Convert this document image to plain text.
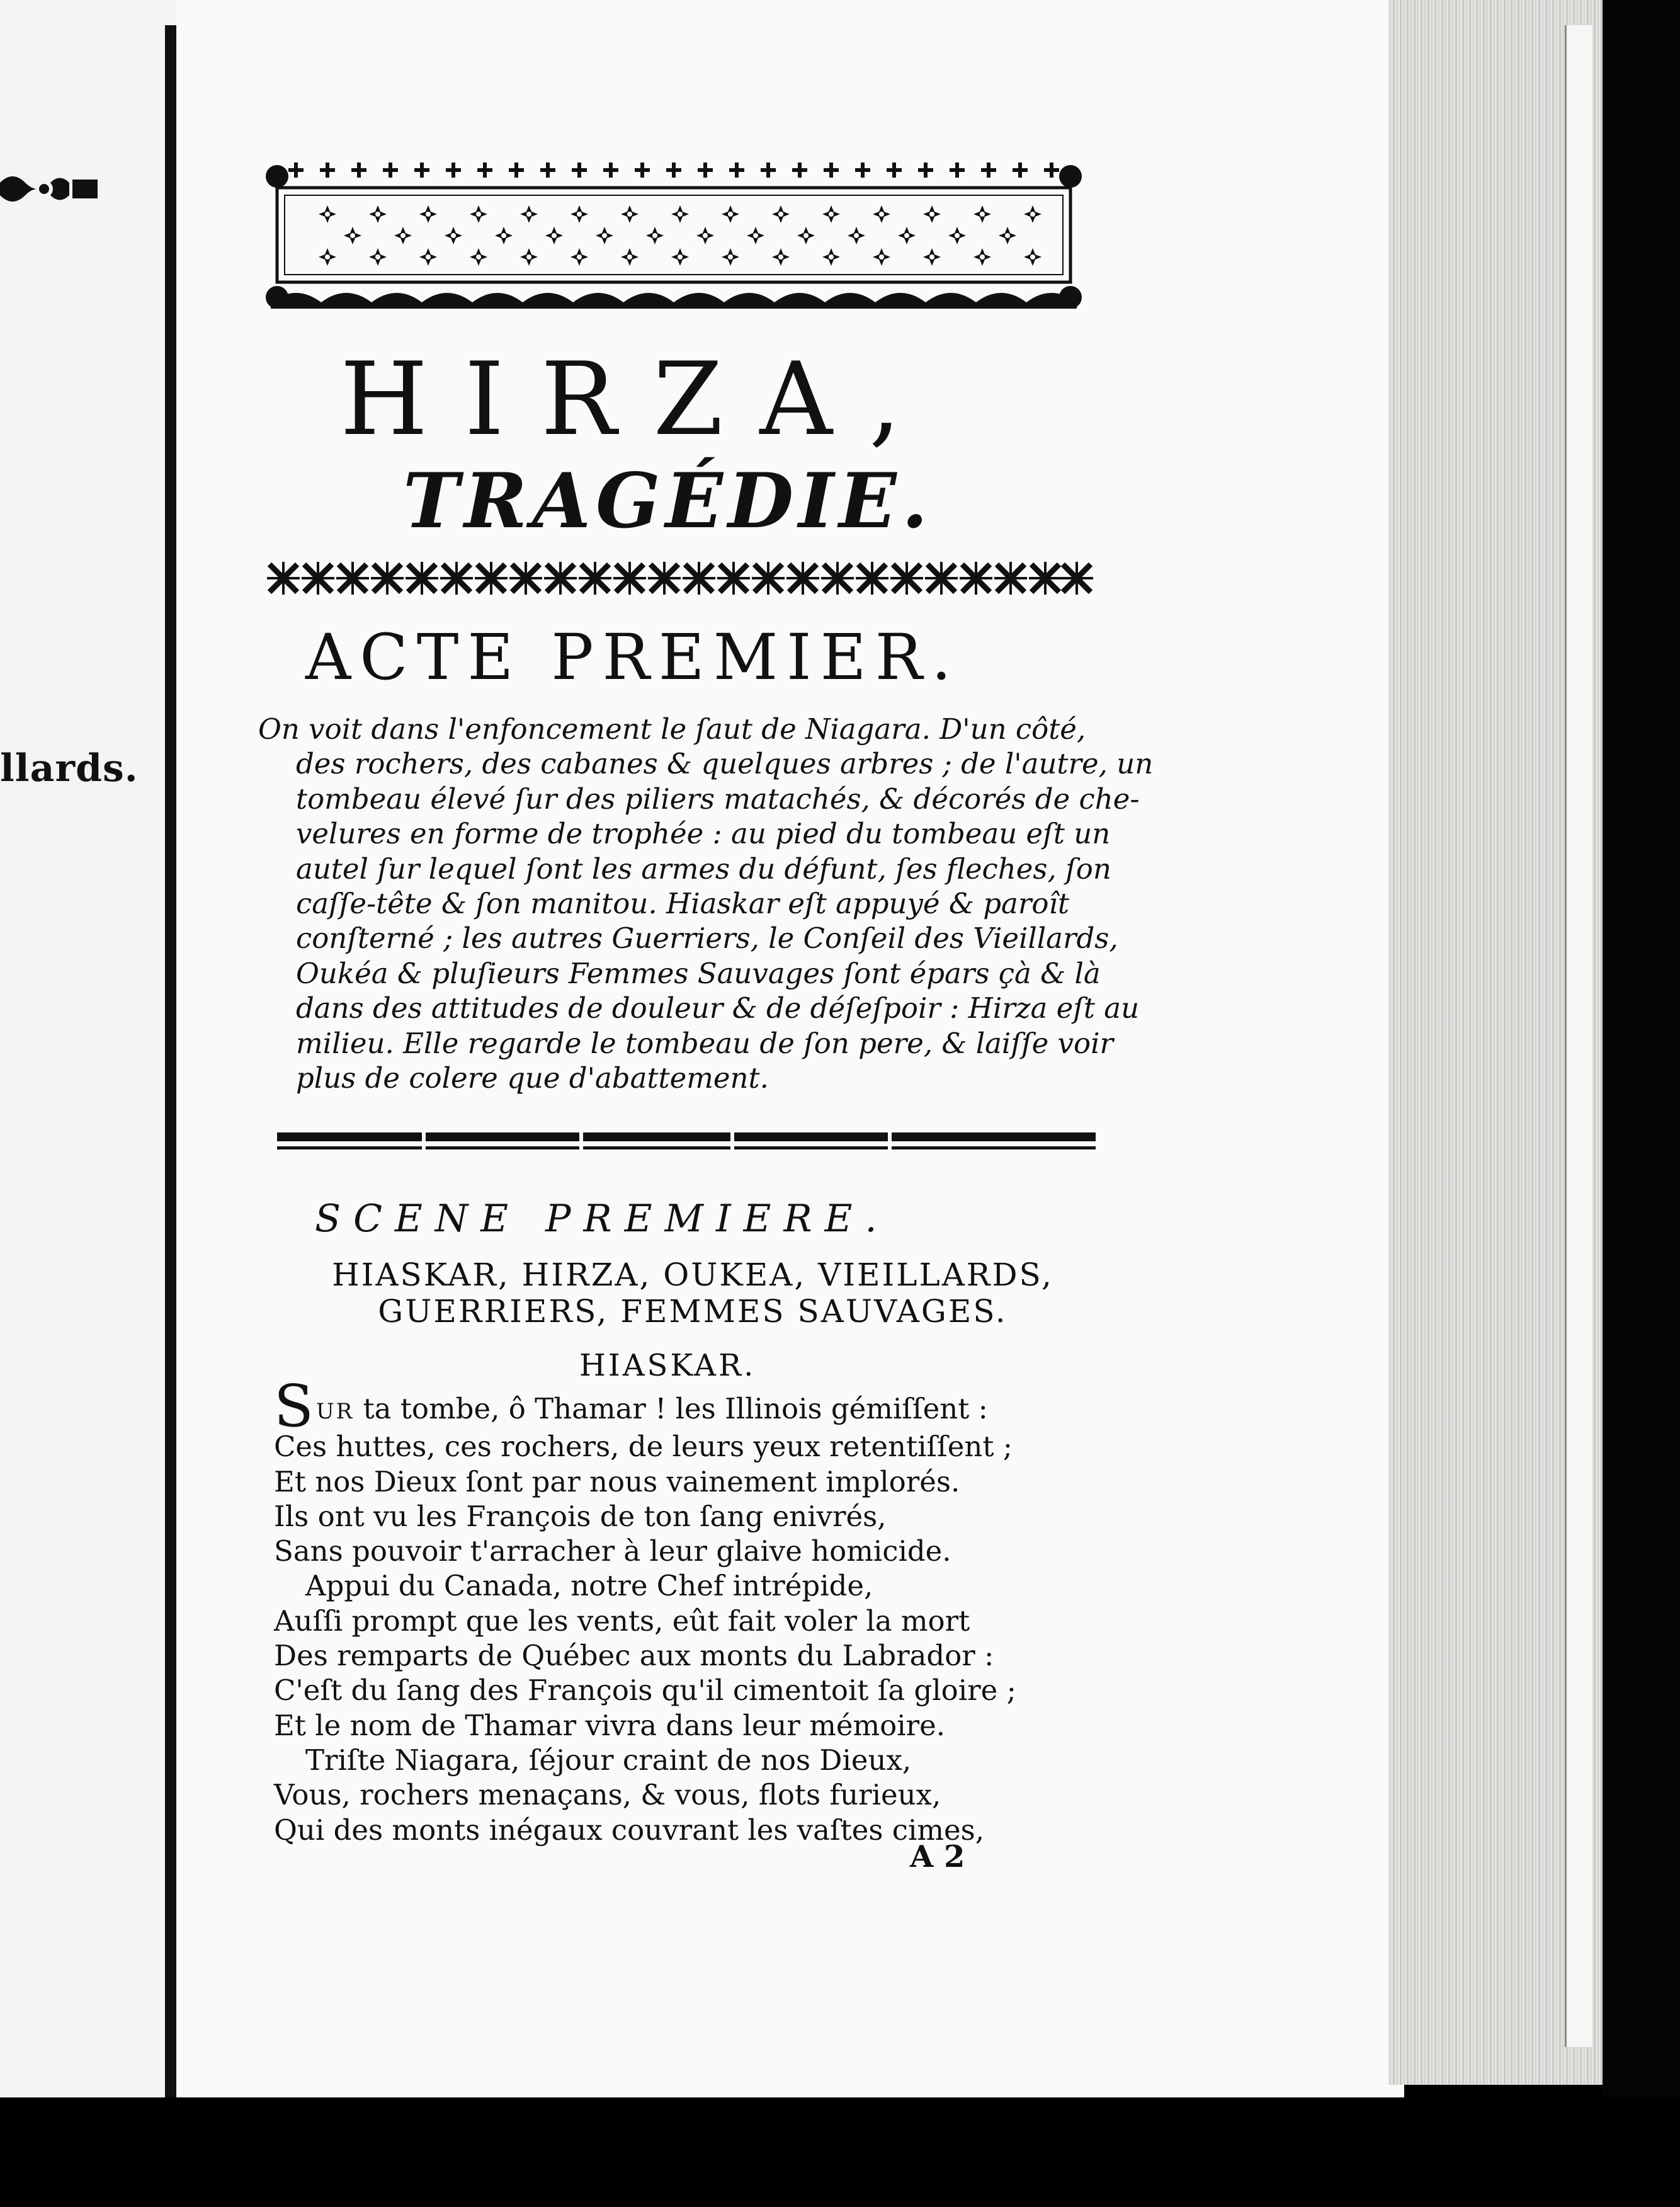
llards.
HIRZA,
TRAGÉDIE.
ACTE PREMIER.
On voit dans l'enfoncement le ſaut de Niagara. D'un côté,
des rochers, des cabanes & quelques arbres ; de l'autre, un
tombeau élevé ſur des piliers matachés, & décorés de che-
velures en forme de trophée : au pied du tombeau eſt un
autel ſur lequel ſont les armes du défunt, ſes fleches, ſon
caſſe-tête & ſon manitou. Hiaskar eſt appuyé & paroît
conſterné ; les autres Guerriers, le Conſeil des Vieillards,
Oukéa & pluſieurs Femmes Sauvages ſont épars çà & là
dans des attitudes de douleur & de déſeſpoir : Hirza eſt au
milieu. Elle regarde le tombeau de ſon pere, & laiſſe voir
plus de colere que d'abattement.
SCENE PREMIERE.
HIASKAR, HIRZA, OUKEA, VIEILLARDS,
GUERRIERS, FEMMES SAUVAGES.
HIASKAR.
SUR ta tombe, ô Thamar ! les Illinois gémiſſent :
Ces huttes, ces rochers, de leurs yeux retentiſſent ;
Et nos Dieux ſont par nous vainement implorés.
Ils ont vu les François de ton ſang enivrés,
Sans pouvoir t'arracher à leur glaive homicide.
Appui du Canada, notre Chef intrépide,
Auſſi prompt que les vents, eût fait voler la mort
Des remparts de Québec aux monts du Labrador :
C'eſt du ſang des François qu'il cimentoit ſa gloire ;
Et le nom de Thamar vivra dans leur mémoire.
Triſte Niagara, ſéjour craint de nos Dieux,
Vous, rochers menaçans, & vous, flots furieux,
Qui des monts inégaux couvrant les vaſtes cimes,
A 2
